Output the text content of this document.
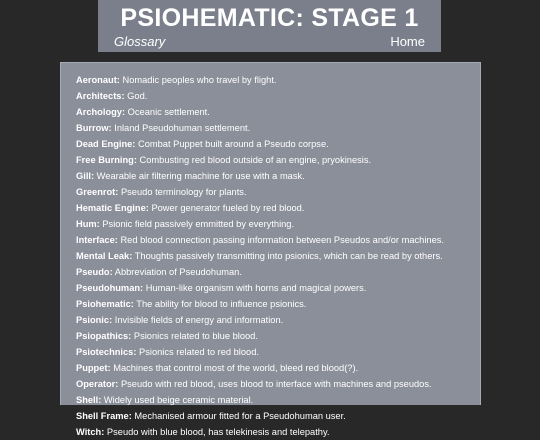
PSIOHEMATIC: STAGE 1
Glossary	Home
Aeronaut: Nomadic peoples who travel by flight.
Architects: God.
Archology: Oceanic settlement.
Burrow: Inland Pseudohuman settlement.
Dead Engine: Combat Puppet built around a Pseudo corpse.
Free Burning: Combusting red blood outside of an engine, pryokinesis.
Gill: Wearable air filtering machine for use with a mask.
Greenrot: Pseudo terminology for plants.
Hematic Engine: Power generator fueled by red blood.
Hum: Psionic field passively emmitted by everything.
Interface: Red blood connection passing information between Pseudos and/or machines.
Mental Leak: Thoughts passively transmitting into psionics, which can be read by others.
Pseudo: Abbreviation of Pseudohuman.
Pseudohuman: Human-like organism with horns and magical powers.
Psiohematic: The ability for blood to influence psionics.
Psionic: Invisible fields of energy and information.
Psiopathics: Psionics related to blue blood.
Psiotechnics: Psionics related to red blood.
Puppet: Machines that control most of the world, bleed red blood(?).
Operator: Pseudo with red blood, uses blood to interface with machines and pseudos.
Shell: Widely used beige ceramic material.
Shell Frame: Mechanised armour fitted for a Pseudohuman user.
Witch: Pseudo with blue blood, has telekinesis and telepathy.
